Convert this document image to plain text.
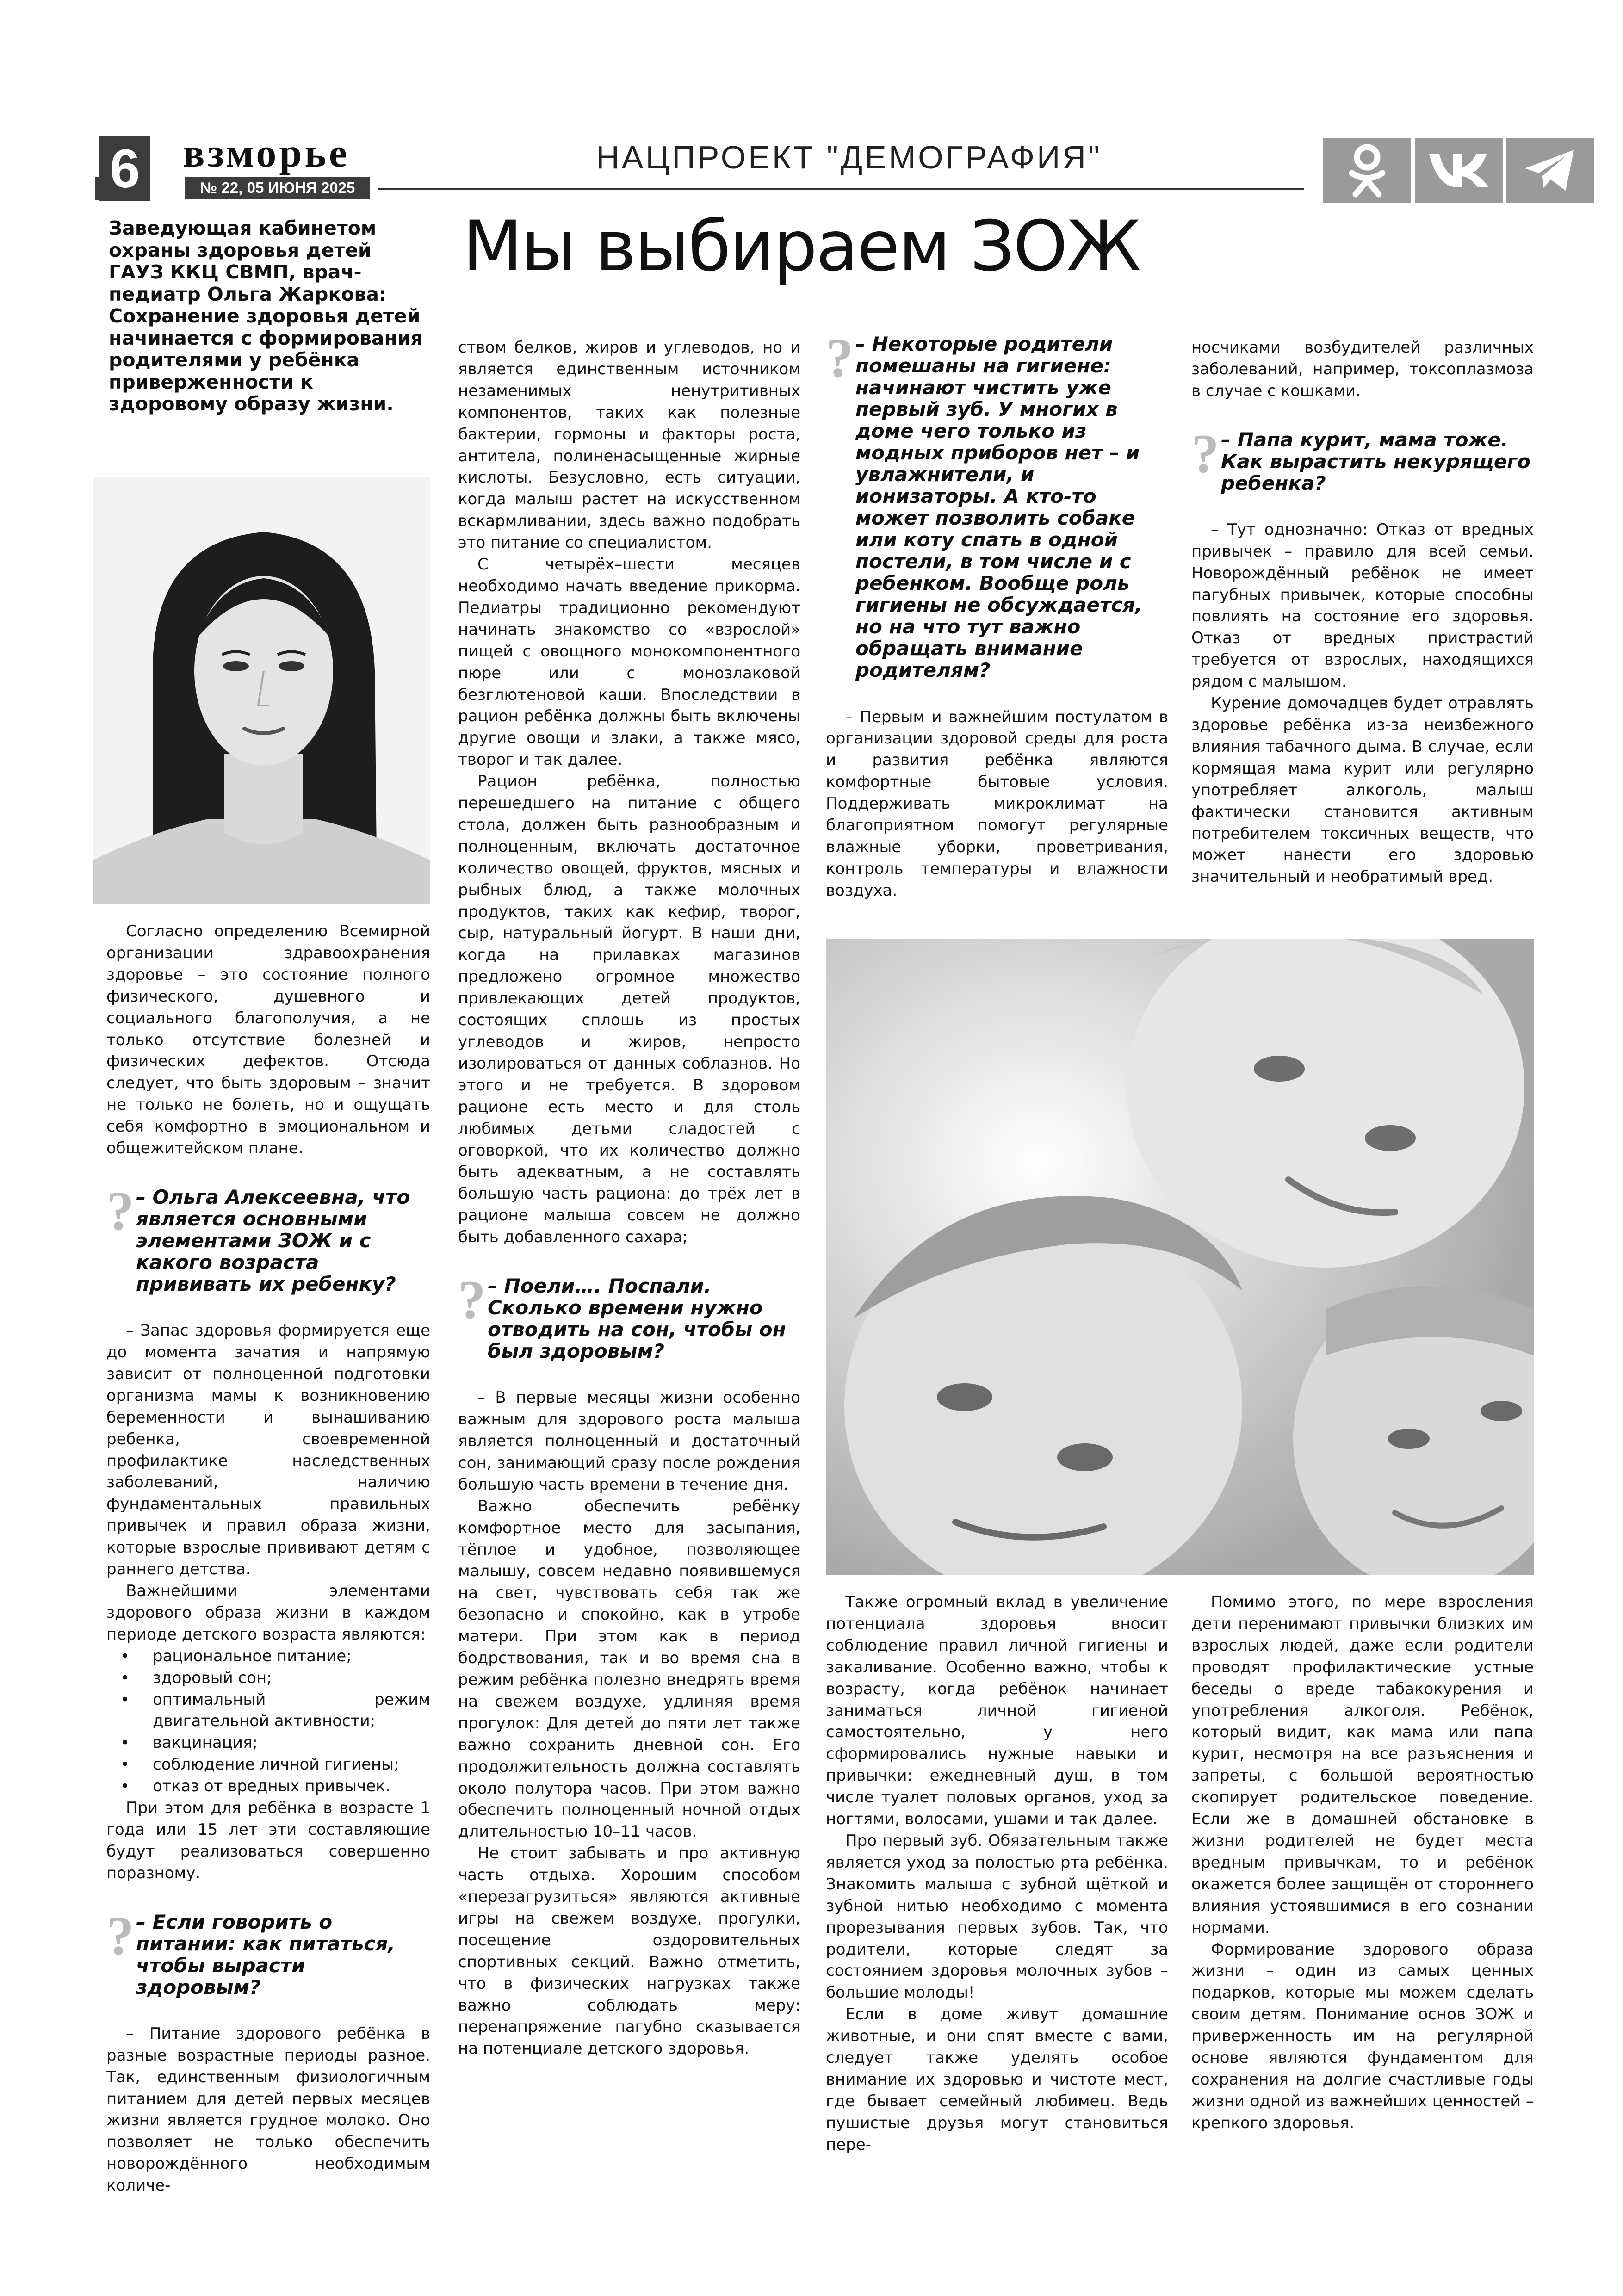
6 взморье
№ 22, 05 ИЮНЯ 2025
НАЦПРОЕКТ "ДЕМОГРАФИЯ"
Мы выбираем ЗОЖ
Заведующая кабинетом охраны здоровья детей ГАУЗ ККЦ СВМП, врач-педиатр Ольга Жаркова: Сохранение здоровья детей начинается с формирования родителями у ребёнка приверженности к здоровому образу жизни.

Согласно определению Всемирной организации здравоохранения здоровье – это состояние полного физического, душевного и социального благополучия, а не только отсутствие болезней и физических дефектов. Отсюда следует, что быть здоровым – значит не только не болеть, но и ощущать себя комфортно в эмоциональном и общежитейском плане.

? – Ольга Алексеевна, что является основными элементами ЗОЖ и с какого возраста прививать их ребенку?

– Запас здоровья формируется еще до момента зачатия и напрямую зависит от полноценной подготовки организма мамы к возникновению беременности и вынашиванию ребенка, своевременной профилактике наследственных заболеваний, наличию фундаментальных правильных привычек и правил образа жизни, которые взрослые прививают детям с раннего детства.

Важнейшими элементами здорового образа жизни в каждом периоде детского возраста являются:

• рациональное питание;
• здоровый сон;
• оптимальный режим двигательной активности;
• вакцинация;
• соблюдение личной гигиены;
• отказ от вредных привычек.

При этом для ребёнка в возрасте 1 года или 15 лет эти составляющие будут реализоваться совершенно поразному.

? – Если говорить о питании: как питаться, чтобы вырасти здоровым?

– Питание здорового ребёнка в разные возрастные периоды разное. Так, единственным физиологичным питанием для детей первых месяцев жизни является грудное молоко. Оно позволяет не только обеспечить новорождённого необходимым количе-

ством белков, жиров и углеводов, но и является единственным источником незаменимых ненутритивных компонентов, таких как полезные бактерии, гормоны и факторы роста, антитела, полиненасыщенные жирные кислоты. Безусловно, есть ситуации, когда малыш растет на искусственном вскармливании, здесь важно подобрать это питание со специалистом.

С четырёх–шести месяцев необходимо начать введение прикорма. Педиатры традиционно рекомендуют начинать знакомство со «взрослой» пищей с овощного монокомпонентного пюре или с монозлаковой безглютеновой каши. Впоследствии в рацион ребёнка должны быть включены другие овощи и злаки, а также мясо, творог и так далее.

Рацион ребёнка, полностью перешедшего на питание с общего стола, должен быть разнообразным и полноценным, включать достаточное количество овощей, фруктов, мясных и рыбных блюд, а также молочных продуктов, таких как кефир, творог, сыр, натуральный йогурт. В наши дни, когда на прилавках магазинов предложено огромное множество привлекающих детей продуктов, состоящих сплошь из простых углеводов и жиров, непросто изолироваться от данных соблазнов. Но этого и не требуется. В здоровом рационе есть место и для столь любимых детьми сладостей с оговоркой, что их количество должно быть адекватным, а не составлять большую часть рациона: до трёх лет в рационе малыша совсем не должно быть добавленного сахара;

? – Поели…. Поспали. Сколько времени нужно отводить на сон, чтобы он был здоровым?

– В первые месяцы жизни особенно важным для здорового роста малыша является полноценный и достаточный сон, занимающий сразу после рождения большую часть времени в течение дня.

Важно обеспечить ребёнку комфортное место для засыпания, тёплое и удобное, позволяющее малышу, совсем недавно появившемуся на свет, чувствовать себя так же безопасно и спокойно, как в утробе матери. При этом как в период бодрствования, так и во время сна в режим ребёнка полезно внедрять время на свежем воздухе, удлиняя время прогулок: Для детей до пяти лет также важно сохранить дневной сон. Его продолжительность должна составлять около полутора часов. При этом важно обеспечить полноценный ночной отдых длительностью 10–11 часов.

Не стоит забывать и про активную часть отдыха. Хорошим способом «перезагрузиться» являются активные игры на свежем воздухе, прогулки, посещение оздоровительных спортивных секций. Важно отметить, что в физических нагрузках также важно соблюдать меру: перенапряжение пагубно сказывается на потенциале детского здоровья.

? – Некоторые родители помешаны на гигиене: начинают чистить уже первый зуб. У многих в доме чего только из модных приборов нет – и увлажнители, и ионизаторы. А кто-то может позволить собаке или коту спать в одной постели, в том числе и с ребенком. Вообще роль гигиены не обсуждается, но на что тут важно обращать внимание родителям?

– Первым и важнейшим постулатом в организации здоровой среды для роста и развития ребёнка являются комфортные бытовые условия. Поддерживать микроклимат на благоприятном помогут регулярные влажные уборки, проветривания, контроль температуры и влажности воздуха.

Также огромный вклад в увеличение потенциала здоровья вносит соблюдение правил личной гигиены и закаливание. Особенно важно, чтобы к возрасту, когда ребёнок начинает заниматься личной гигиеной самостоятельно, у него сформировались нужные навыки и привычки: ежедневный душ, в том числе туалет половых органов, уход за ногтями, волосами, ушами и так далее.

Про первый зуб. Обязательным также является уход за полостью рта ребёнка. Знакомить малыша с зубной щёткой и зубной нитью необходимо с момента прорезывания первых зубов. Так, что родители, которые следят за состоянием здоровья молочных зубов – большие молоды!

Если в доме живут домашние животные, и они спят вместе с вами, следует также уделять особое внимание их здоровью и чистоте мест, где бывает семейный любимец. Ведь пушистые друзья могут становиться пере-

носчиками возбудителей различных заболеваний, например, токсоплазмоза в случае с кошками.

? – Папа курит, мама тоже. Как вырастить некурящего ребенка?

– Тут однозначно: Отказ от вредных привычек – правило для всей семьи. Новорождённый ребёнок не имеет пагубных привычек, которые способны повлиять на состояние его здоровья. Отказ от вредных пристрастий требуется от взрослых, находящихся рядом с малышом.

Курение домочадцев будет отравлять здоровье ребёнка из-за неизбежного влияния табачного дыма. В случае, если кормящая мама курит или регулярно употребляет алкоголь, малыш фактически становится активным потребителем токсичных веществ, что может нанести его здоровью значительный и необратимый вред.

Помимо этого, по мере взросления дети перенимают привычки близких им взрослых людей, даже если родители проводят профилактические устные беседы о вреде табакокурения и употребления алкоголя. Ребёнок, который видит, как мама или папа курит, несмотря на все разъяснения и запреты, с большой вероятностью скопирует родительское поведение. Если же в домашней обстановке в жизни родителей не будет места вредным привычкам, то и ребёнок окажется более защищён от стороннего влияния устоявшимися в его сознании нормами.

Формирование здорового образа жизни – один из самых ценных подарков, которые мы можем сделать своим детям. Понимание основ ЗОЖ и приверженность им на регулярной основе являются фундаментом для сохранения на долгие счастливые годы жизни одной из важнейших ценностей – крепкого здоровья.
